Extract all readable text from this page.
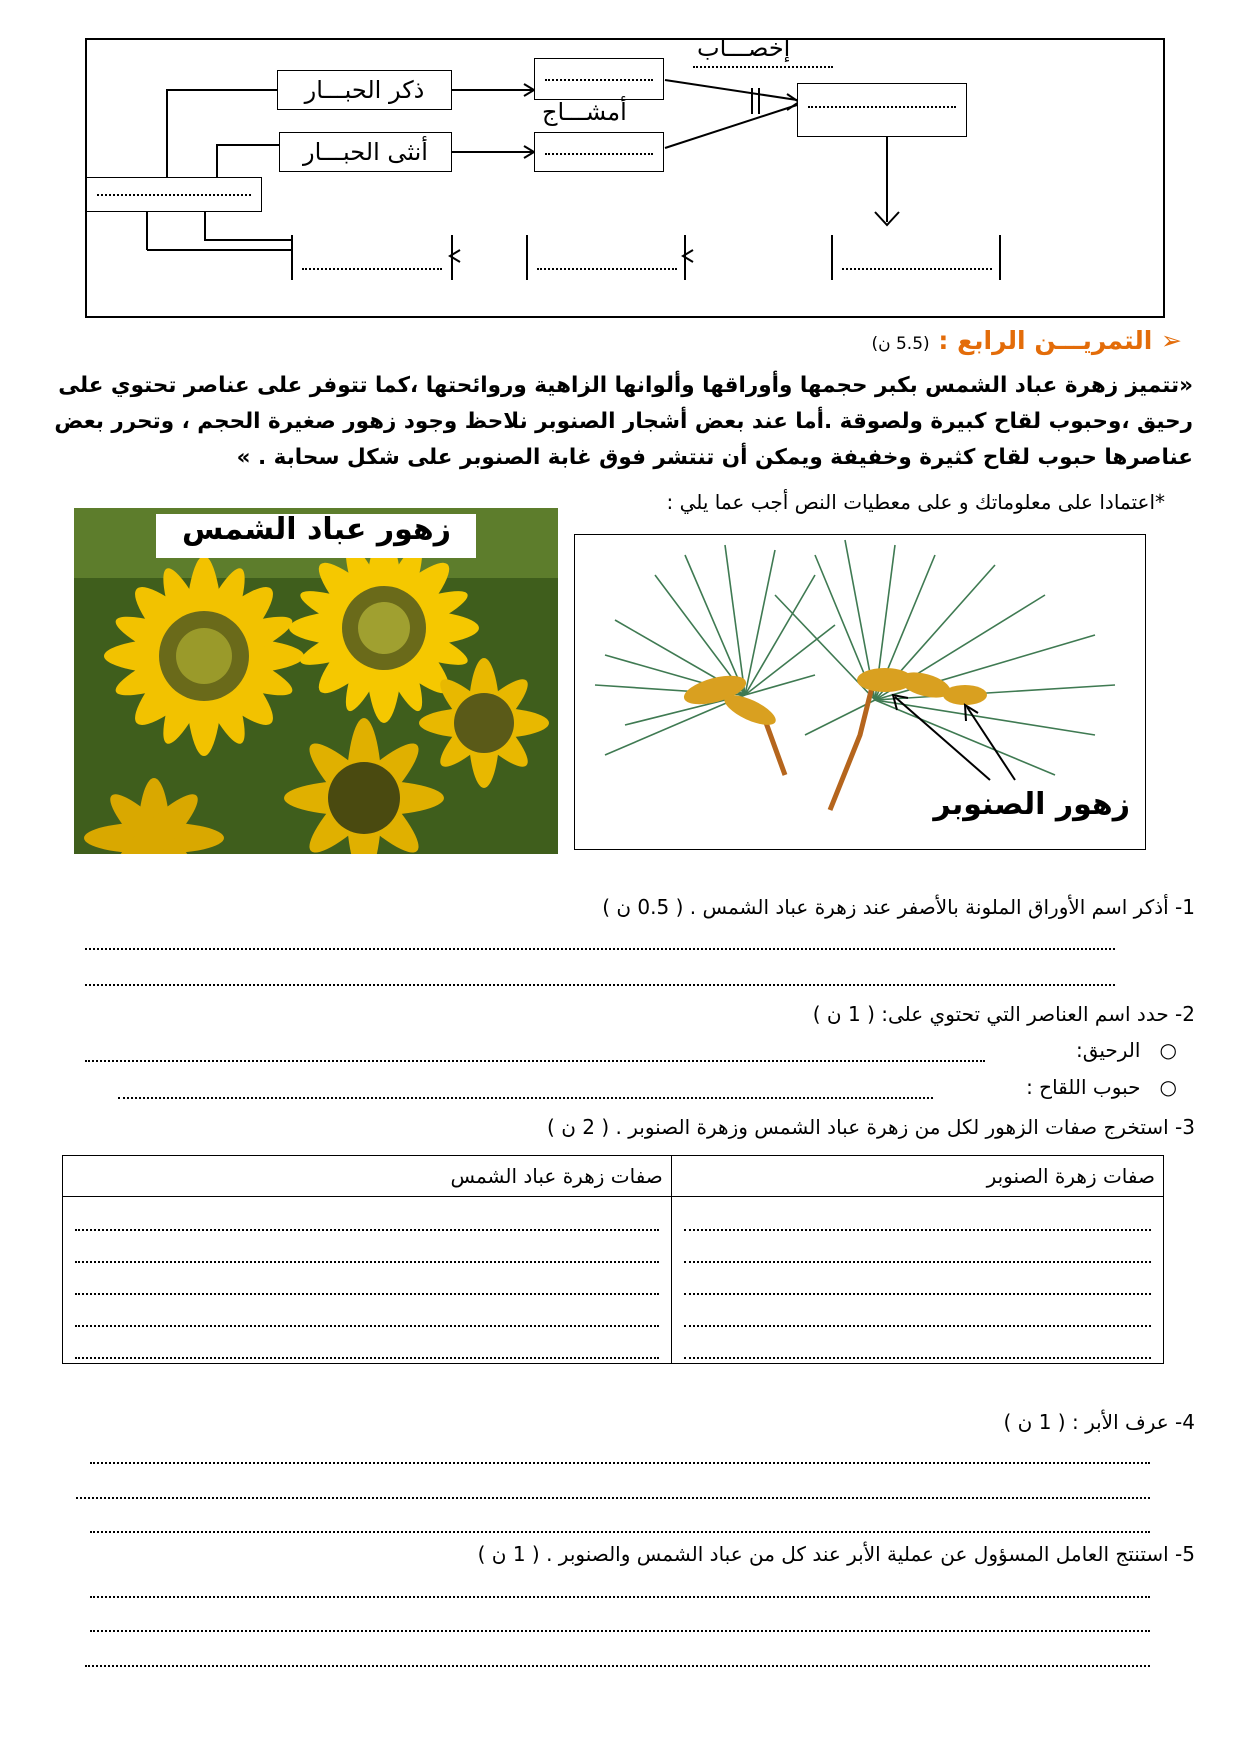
ذكر الحبـــار
أنثى الحبـــار
إخصـــاب
أمشـــاج
➢ التمريـــن الرابع : (5.5 ن)
«تتميز زهرة عباد الشمس بكبر حجمها وأوراقها وألوانها الزاهية وروائحتها ،كما تتوفر على عناصر تحتوي على رحيق ،وحبوب لقاح كبيرة ولصوقة .أما عند بعض أشجار الصنوبر نلاحظ وجود زهور صغيرة الحجم ، وتحرر بعض عناصرها حبوب لقاح كثيرة وخفيفة ويمكن أن تنتشر فوق غابة الصنوبر على شكل سحابة . »
*اعتمادا على معلوماتك و على معطيات النص أجب عما يلي :
زهور عباد الشمس
زهور الصنوبر
1- أذكر اسم الأوراق الملونة بالأصفر عند زهرة عباد الشمس . ( 0.5 ن )
2- حدد اسم العناصر التي تحتوي على: ( 1 ن )
○   الرحيق:
○   حبوب اللقاح :
3- استخرج صفات الزهور لكل من زهرة عباد الشمس وزهرة الصنوبر . ( 2 ن )
صفات زهرة الصنوبر	صفات زهرة عباد الشمس

4- عرف الأبر : ( 1 ن )
5- استنتج العامل المسؤول عن عملية الأبر عند كل من عباد الشمس والصنوبر . ( 1 ن )
